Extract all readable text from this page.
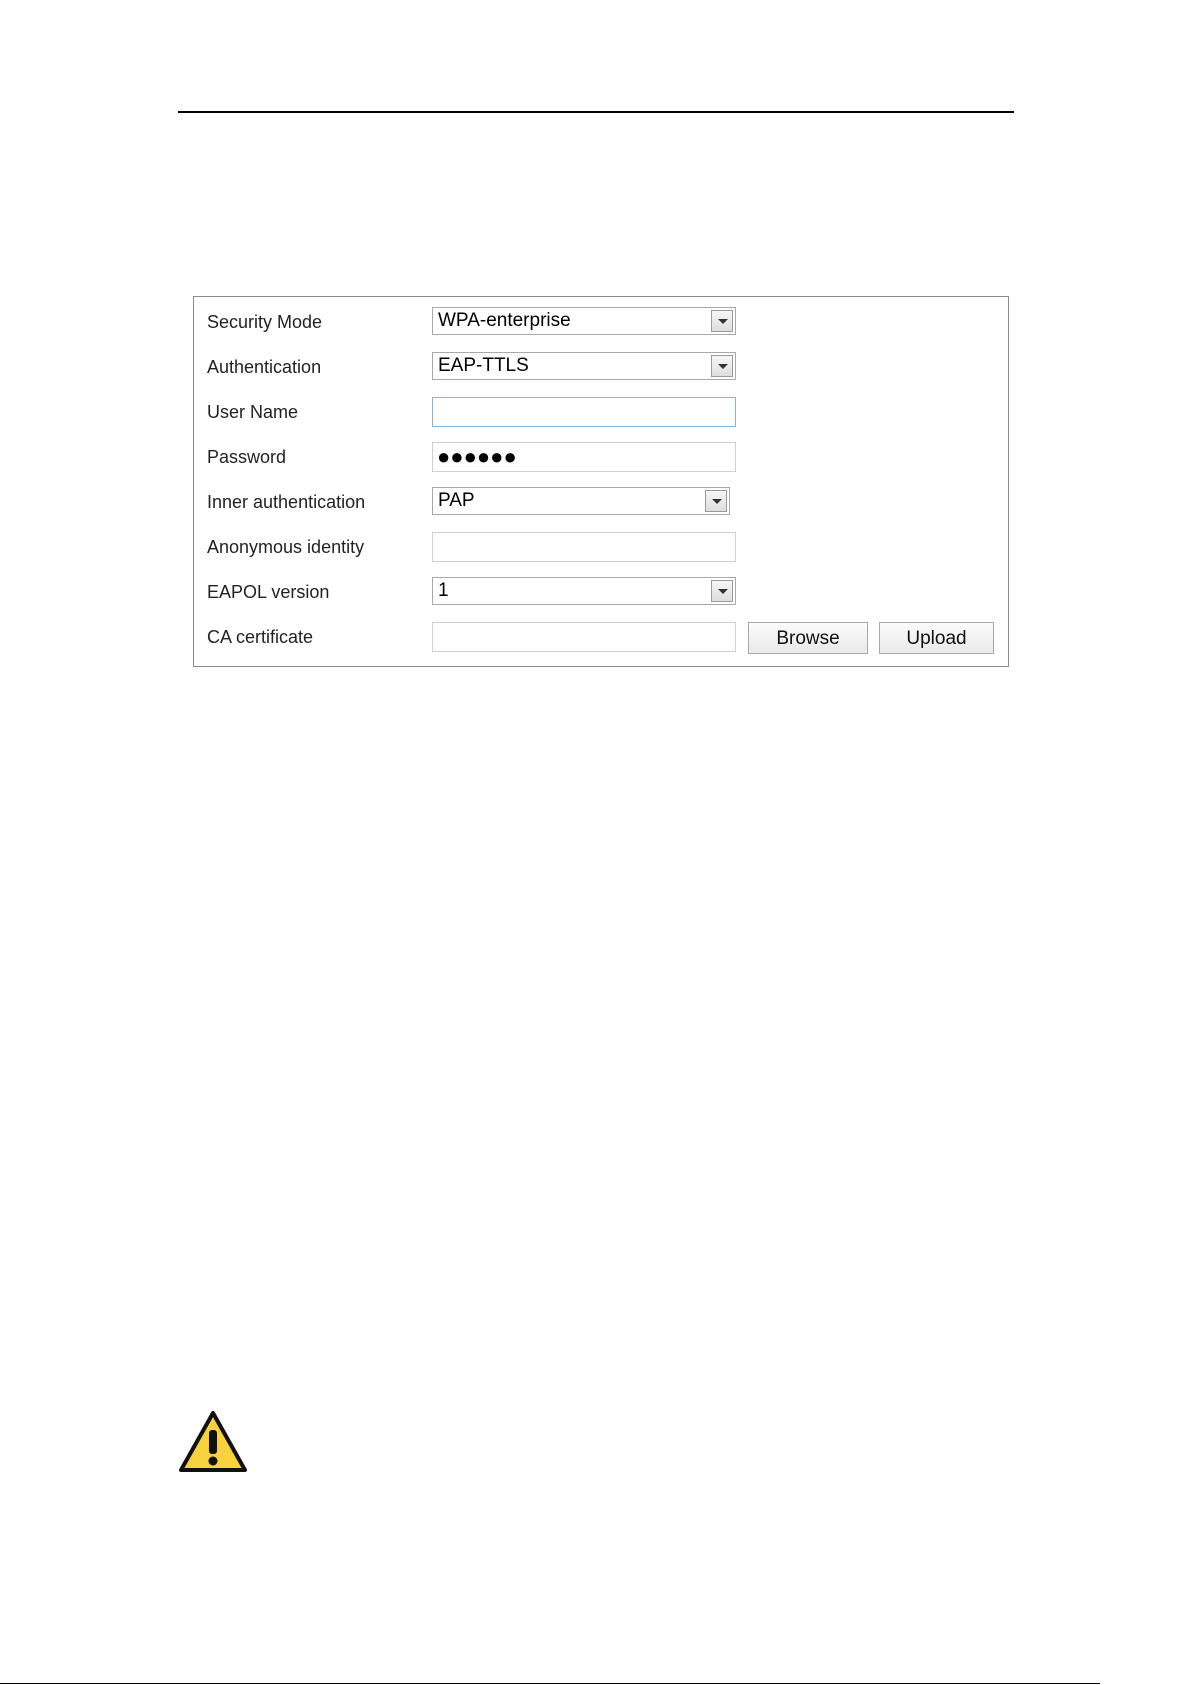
Security Mode	WPA-enterprise
Authentication	EAP-TTLS
User Name
Password	●●●●●●
Inner authentication	PAP
Anonymous identity
EAPOL version	1
CA certificate	Browse	Upload
